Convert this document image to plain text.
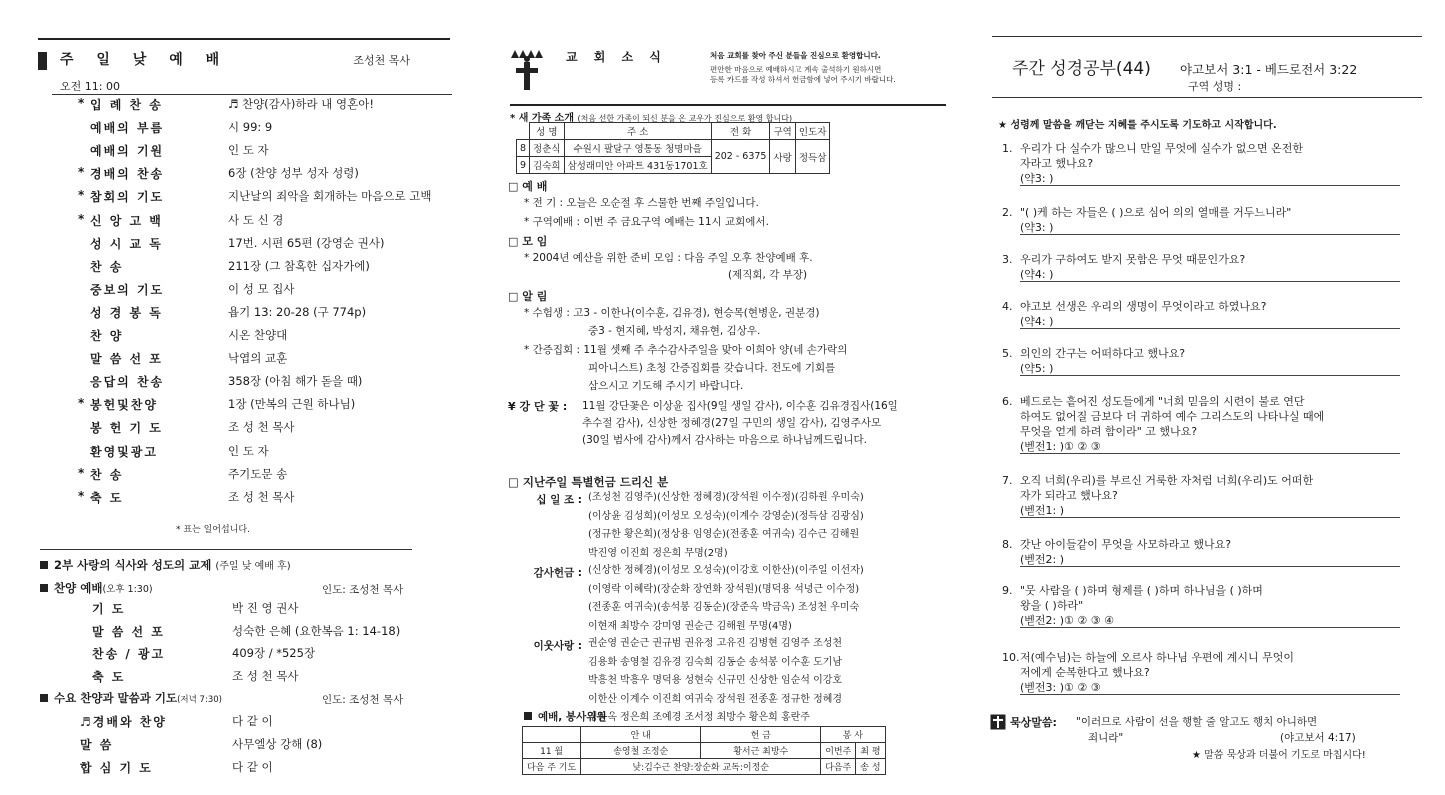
주 일 낮 예 배	조성천 목사
오전 11: 00
* 입 례 찬 송	♬ 찬양(감사)하라 내 영혼아!
예배의 부름	시 99: 9
예배의 기원	인 도 자
* 경배의 찬송	6장 (찬양 성부 성자 성령)
* 참회의 기도	지난날의 죄악을 회개하는 마음으로 고백
* 신 앙 고 백	사 도 신 경
성 시 교 독	17번. 시편 65편 (강영순 권사)
찬 송	211장 (그 참혹한 십자가에)
중보의 기도	이 성 모 집사
성 경 봉 독	욥기 13: 20-28 (구 774p)
찬 양	시온 찬양대
말 씀 선 포	낙엽의 교훈
응답의 찬송	358장 (아침 해가 돋을 때)
* 봉헌및찬양	1장 (만복의 근원 하나님)
봉 헌 기 도	조 성 천 목사
환영및광고	인 도 자
* 찬 송	주기도문 송
* 축 도	조 성 천 목사
* 표는 일어섭니다.
2부 사랑의 식사와 성도의 교제 (주일 낮 예배 후)
찬양 예배(오후 1:30)	인도: 조성천 목사
기 도	박 진 영 권사
말 씀 선 포	성숙한 은혜 (요한복음 1: 14-18)
찬송 / 광고	409장 / *525장
축 도	조 성 천 목사
수요 찬양과 말씀과 기도(저녁 7:30)	인도: 조성천 목사
♬경배와 찬양	다 같 이
말 씀	사무엘상 강해 (8)
합 심 기 도	다 같 이
교 회 소 식	처음 교회를 찾아 주신 분들을 진심으로 환영합니다.
편안한 마음으로 예배하시고 계속 출석하기 원하시면
등록 카드를 작성 하셔서 헌금함에 넣어 주시기 바랍니다.
* 새 가족 소개 (처음 선한 가족이 되신 분을 온 교우가 진심으로 환영 합니다)
	성 명	주 소	전 화	구역	인도자
8	정춘식	수원시 팔달구 영통동 청명마을	202 - 6375	사랑	정득삼
9	김숙희	삼성래미안 아파트 431동1701호			
□ 예 배
* 전 기 : 오늘은 오순절 후 스물한 번째 주일입니다.
* 구역예배 : 이번 주 금요구역 예배는 11시 교회에서.
□ 모 임
* 2004년 예산을 위한 준비 모임 : 다음 주일 오후 찬양예배 후.
(제직회, 각 부장)
□ 알 림
* 수험생 : 고3 - 이한나(이수훈, 김유경), 현승목(현병운, 권분경)
중3 - 현지혜, 박성지, 채유현, 김상우.
* 간증집회 : 11월 셋째 주 추수감사주일을 맞아 이희아 양(네 손가락의
피아니스트) 초청 간증집회를 갖습니다. 전도에 기회를
삼으시고 기도해 주시기 바랍니다.
¥ 강 단 꽃 : 11월 강단꽃은 이상윤 집사(9일 생일 감사), 이수훈 김유경집사(16일
추수절 감사), 신상한 정혜경(27일 구민의 생일 감사), 김영주사모
(30일 범사에 감사)께서 감사하는 마음으로 하나님께드립니다.
□ 지난주일 특별헌금 드리신 분
십 일 조 : (조성천 김영주)(신상한 정혜경)(장석원 이수정)(김하원 우미숙)
(이상윤 김성희)(이성모 오성숙)(이계수 강영순)(정득삼 김광심)
(정규한 황은희)(정상용 임영순)(전종훈 여귀숙) 김수근 김해원
박진영 이진희 정은희 무명(2명)
감사헌금 : (신상한 정혜경)(이성모 오성숙)(이강호 이한산)(이주일 이선자)
(이영락 이혜락)(장순화 장연화 장석원)(명덕용 석녕근 이수정)
(전종훈 여귀숙)(송석봉 김동순)(장준옥 박금옥) 조성천 우미숙
이현재 최방수 강미영 권순근 김해원 무명(4명)
이웃사랑 : 권순영 권순근 권규범 권유정 고유진 김병현 김영주 조성천
김용화 송영철 김유경 김숙희 김동순 송석봉 이수훈 도기남
박흥천 박흥우 명덕용 성현숙 신규민 신상한 임순석 이강호
이한산 이계수 이진희 여귀숙 장석원 전종훈 정규한 정혜경
정동옥 정은희 조예경 조서정 최방수 황은희 홍란주
예배, 봉사위원
	안 내	헌 금	봉 사	
11 월	송영철 조정순	황서근 최방수	이번주	최 평
다음 주 기도	낮:김수근 찬양:장순화 교독:이정순		다음주	송 성
주간 성경공부(44) 야고보서 3:1 - 베드로전서 3:22
구역 성명 :
★ 성령께 말씀을 깨닫는 지혜를 주시도록 기도하고 시작합니다.
1. 우리가 다 실수가 많으니 만일 무엇에 실수가 없으면 온전한
자라고 했나요?
(약3: )
2. "( )케 하는 자들은 ( )으로 심어 의의 열매를 거두느니라"
(약3: )
3. 우리가 구하여도 받지 못함은 무엇 때문인가요?
(약4: )
4. 야고보 선생은 우리의 생명이 무엇이라고 하였나요?
(약4: )
5. 의인의 간구는 어떠하다고 했나요?
(약5: )
6. 베드로는 흩어진 성도들에게 "너희 믿음의 시련이 불로 연단
하여도 없어질 금보다 더 귀하여 예수 그리스도의 나타나실 때에
무엇을 얻게 하려 함이라" 고 했나요?
(벧전1: )① ② ③
7. 오직 너희(우리)를 부르신 거룩한 자처럼 너희(우리)도 어떠한
자가 되라고 했나요?
(벧전1: )
8. 갓난 아이들같이 무엇을 사모하라고 했나요?
(벧전2: )
9. "뭇 사람을 ( )하며 형제를 ( )하며 하나님을 ( )하며
왕을 ( )하라"
(벧전2: )① ② ③ ④
10. 저(예수님)는 하늘에 오르사 하나님 우편에 계시니 무엇이
저에게 순복한다고 했나요?
(벧전3: )① ② ③
묵상말씀: "이러므로 사람이 선을 행할 줄 알고도 행치 아니하면
죄니라"	(야고보서 4:17)
★ 말씀 묵상과 더불어 기도로 마칩시다!
